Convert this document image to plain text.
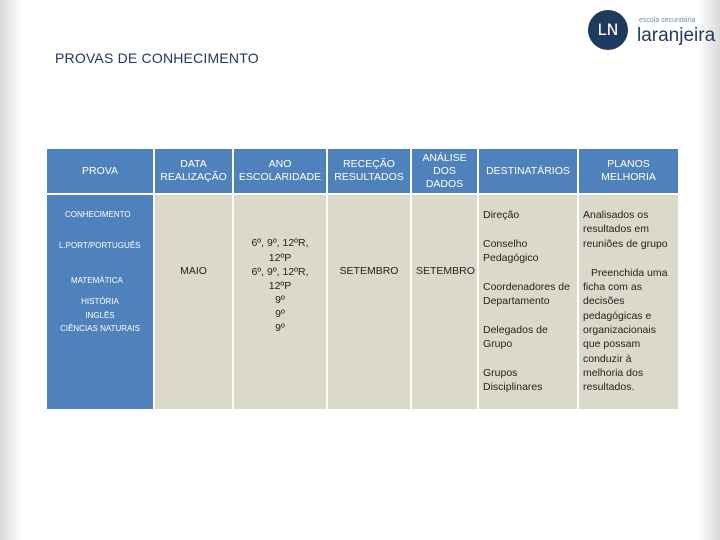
PROVAS DE CONHECIMENTO
LN	escola secundária
laranjeira
PROVA
DATA
REALIZAÇÃO
ANO
ESCOLARIDADE
RECEÇÃO
RESULTADOS
ANÁLISE
DOS
DADOS
DESTINATÁRIOS
PLANOS
MELHORIA
CONHECIMENTO
L.PORT/PORTUGUÊS
MATEMÁTICA
HISTÓRIA
INGLÊS
CIÊNCIAS NATURAIS
MAIO
6º, 9º, 12ºR,
12ºP
6º, 9º, 12ºR,
12ºP
9º
9º
9º
SETEMBRO	SETEMBRO
Direção
Conselho
Pedagógico
Coordenadores de
Departamento
Delegados de
Grupo
Grupos
Disciplinares
Analisados os
resultados em
reuniões de grupo
Preenchida uma
ficha com as
decisões
pedagógicas e
organizacionais
que possam
conduzir à
melhoria dos
resultados.
